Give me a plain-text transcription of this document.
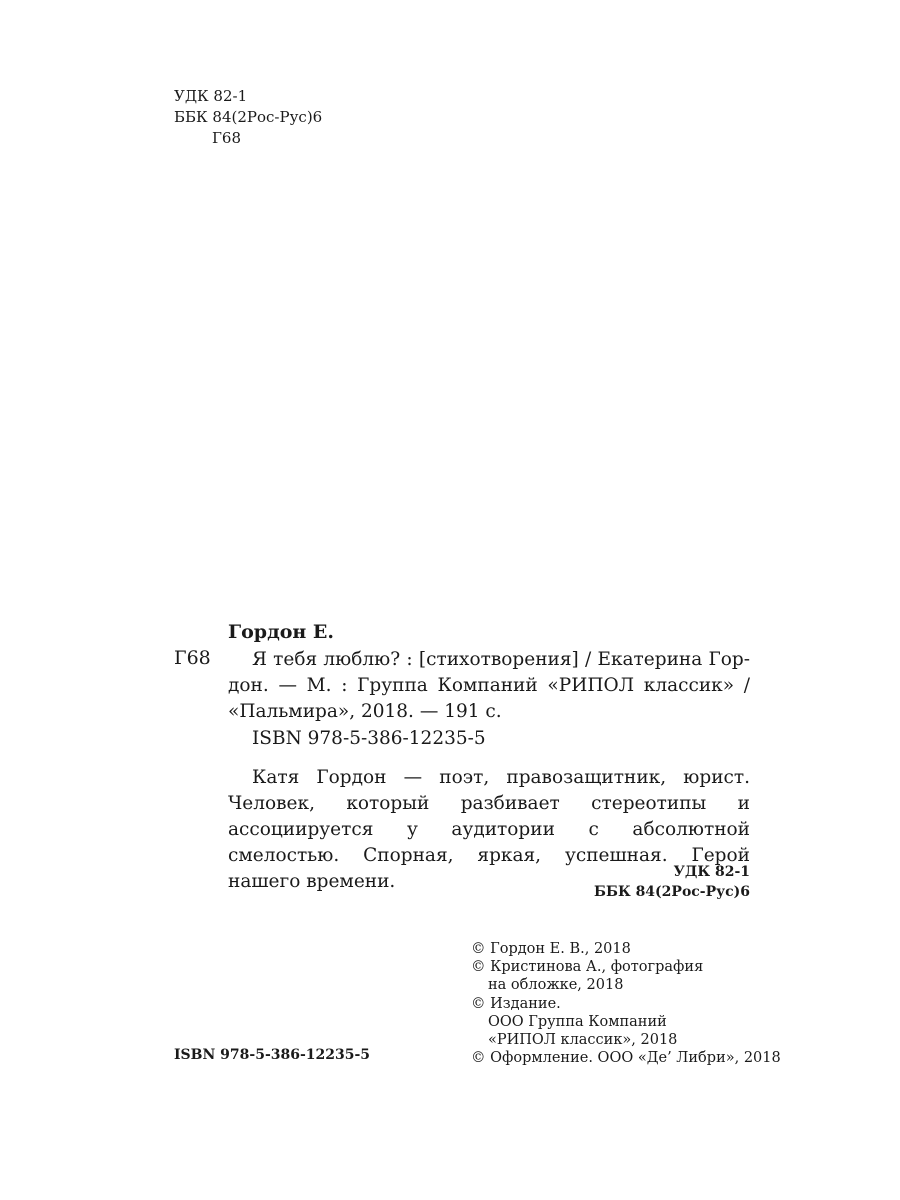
УДК 82-1
ББК 84(2Рос-Рус)6
Г68
Гордон Е.
Г68	Я тебя люблю? : [стихотворения] / Екатерина Гор- дон. — М. : Группа Компаний «РИПОЛ классик» / «Пальмира», 2018. — 191 с.
ISBN 978-5-386-12235-5
Катя Гордон — поэт, правозащитник, юрист. Человек, который разбивает стереотипы и ассоциируется у аудитории с абсолютной смелостью. Спорная, яркая, успешная. Герой нашего времени.	УДК 82-1
ББК 84(2Рос-Рус)6
© Гордон Е. В., 2018
© Кристинова А., фотография
на обложке, 2018
© Издание.
ООО Группа Компаний
«РИПОЛ классик», 2018
© Оформление. ООО «Де’ Либри», 2018
ISBN 978-5-386-12235-5
